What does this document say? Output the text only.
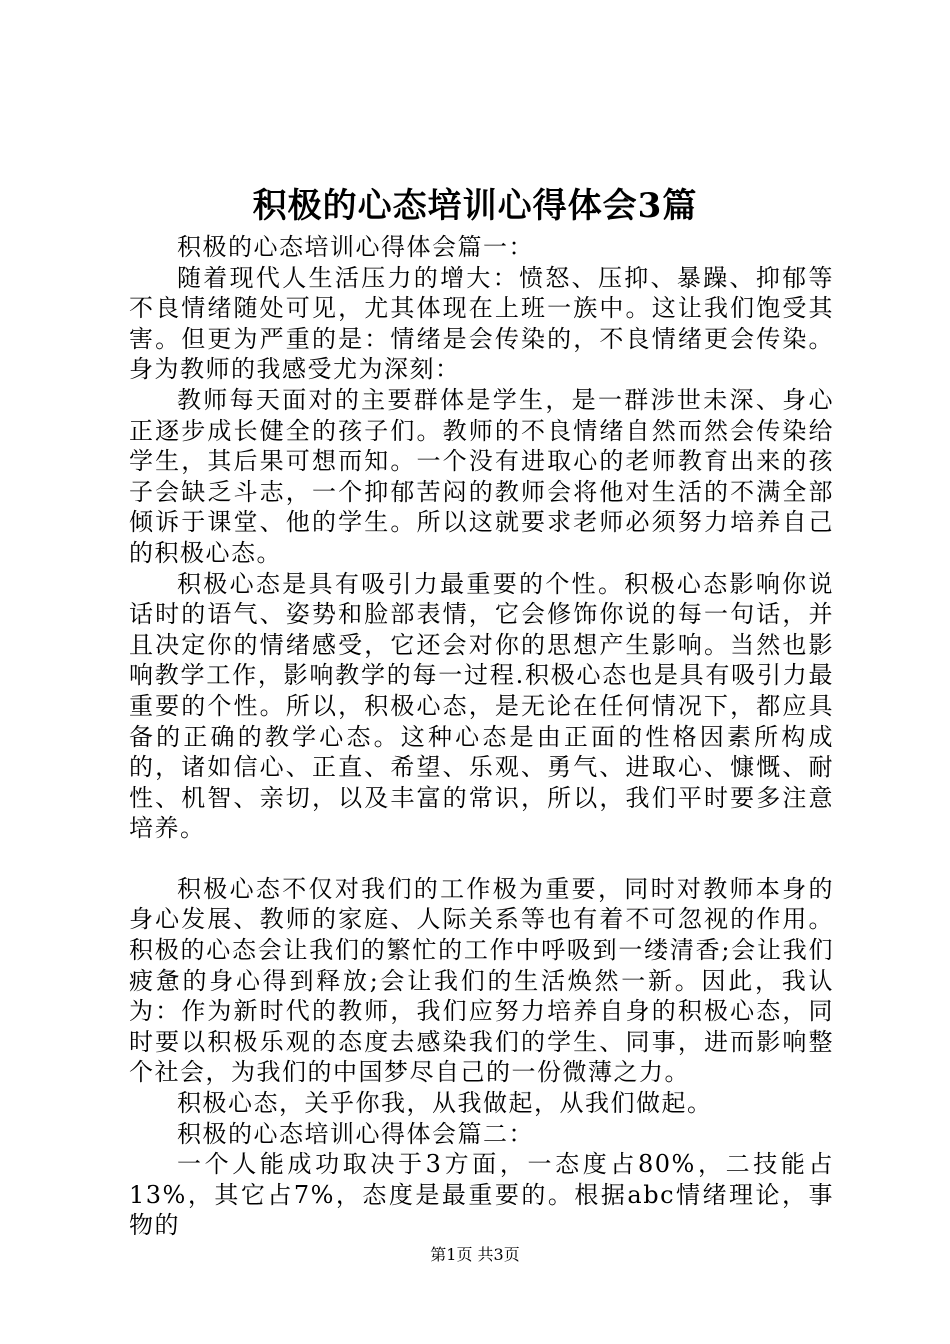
积极的心态培训心得体会3篇

积极的心态培训心得体会篇一：

随着现代人生活压力的增大：愤怒、压抑、暴躁、抑郁等不良情绪随处可见，尤其体现在上班一族中。这让我们饱受其害。但更为严重的是：情绪是会传染的，不良情绪更会传染。身为教师的我感受尤为深刻：

教师每天面对的主要群体是学生，是一群涉世未深、身心正逐步成长健全的孩子们。教师的不良情绪自然而然会传染给学生，其后果可想而知。一个没有进取心的老师教育出来的孩子会缺乏斗志，一个抑郁苦闷的教师会将他对生活的不满全部倾诉于课堂、他的学生。所以这就要求老师必须努力培养自己的积极心态。

积极心态是具有吸引力最重要的个性。积极心态影响你说话时的语气、姿势和脸部表情，它会修饰你说的每一句话，并且决定你的情绪感受，它还会对你的思想产生影响。当然也影响教学工作，影响教学的每一过程.积极心态也是具有吸引力最重要的个性。所以，积极心态，是无论在任何情况下，都应具备的正确的教学心态。这种心态是由正面的性格因素所构成的，诸如信心、正直、希望、乐观、勇气、进取心、慷慨、耐性、机智、亲切，以及丰富的常识，所以，我们平时要多注意培养。

积极心态不仅对我们的工作极为重要，同时对教师本身的身心发展、教师的家庭、人际关系等也有着不可忽视的作用。积极的心态会让我们的繁忙的工作中呼吸到一缕清香;会让我们疲惫的身心得到释放;会让我们的生活焕然一新。因此，我认为：作为新时代的教师，我们应努力培养自身的积极心态，同时要以积极乐观的态度去感染我们的学生、同事，进而影响整个社会，为我们的中国梦尽自己的一份微薄之力。

积极心态，关乎你我，从我做起，从我们做起。

积极的心态培训心得体会篇二：

一个人能成功取决于3方面，一态度占80%，二技能占13%，其它占7%，态度是最重要的。根据abc情绪理论，事物的

第1页 共3页
